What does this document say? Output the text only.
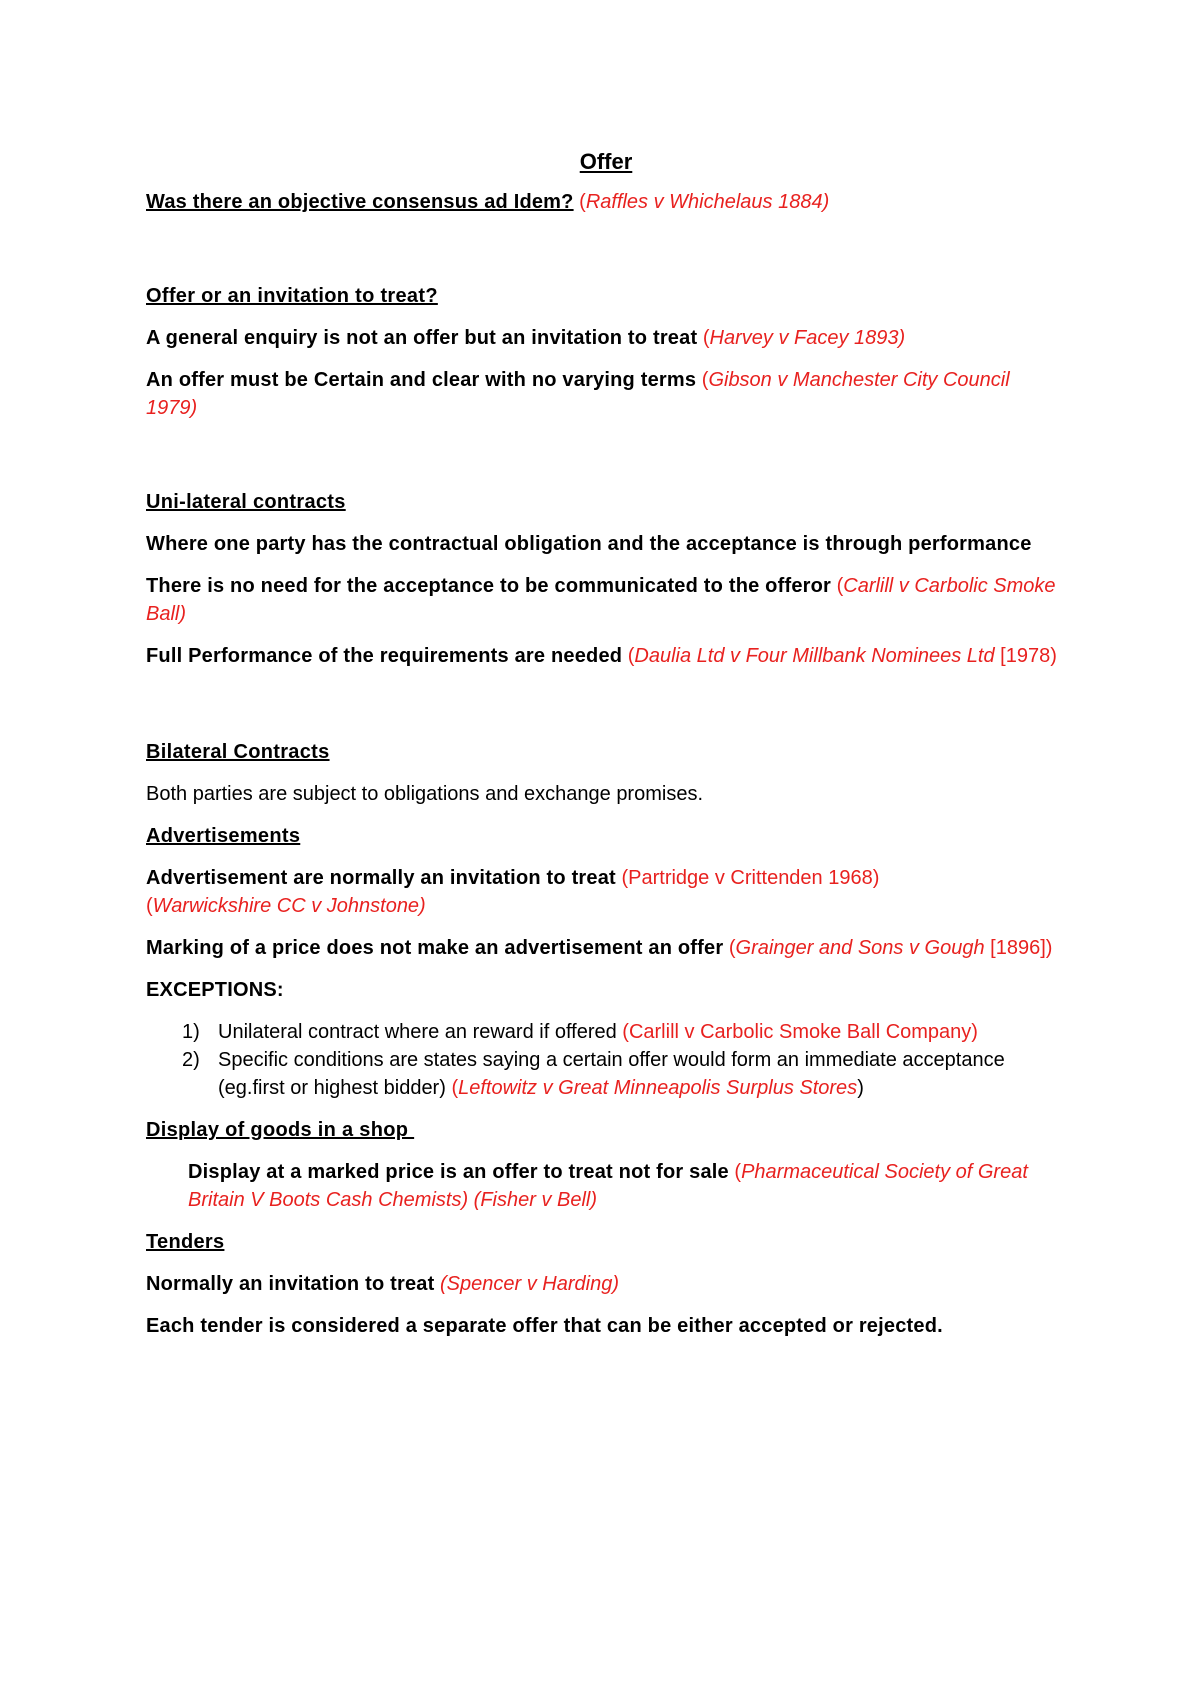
Offer

Was there an objective consensus ad Idem? (Raffles v Whichelaus 1884)

Offer or an invitation to treat?

A general enquiry is not an offer but an invitation to treat (Harvey v Facey 1893)

An offer must be Certain and clear with no varying terms (Gibson v Manchester City Council 1979)

Uni-lateral contracts

Where one party has the contractual obligation and the acceptance is through performance

There is no need for the acceptance to be communicated to the offeror (Carlill v Carbolic Smoke Ball)

Full Performance of the requirements are needed (Daulia Ltd v Four Millbank Nominees Ltd [1978)

Bilateral Contracts

Both parties are subject to obligations and exchange promises.

Advertisements

Advertisement are normally an invitation to treat (Partridge v Crittenden 1968)
(Warwickshire CC v Johnstone)

Marking of a price does not make an advertisement an offer (Grainger and Sons v Gough [1896])

EXCEPTIONS:

1) Unilateral contract where an reward if offered (Carlill v Carbolic Smoke Ball Company)
2) Specific conditions are states saying a certain offer would form an immediate acceptance (eg.first or highest bidder) (Leftowitz v Great Minneapolis Surplus Stores)
Display of goods in a shop

Display at a marked price is an offer to treat not for sale (Pharmaceutical Society of Great Britain V Boots Cash Chemists) (Fisher v Bell)

Tenders

Normally an invitation to treat (Spencer v Harding)

Each tender is considered a separate offer that can be either accepted or rejected.
